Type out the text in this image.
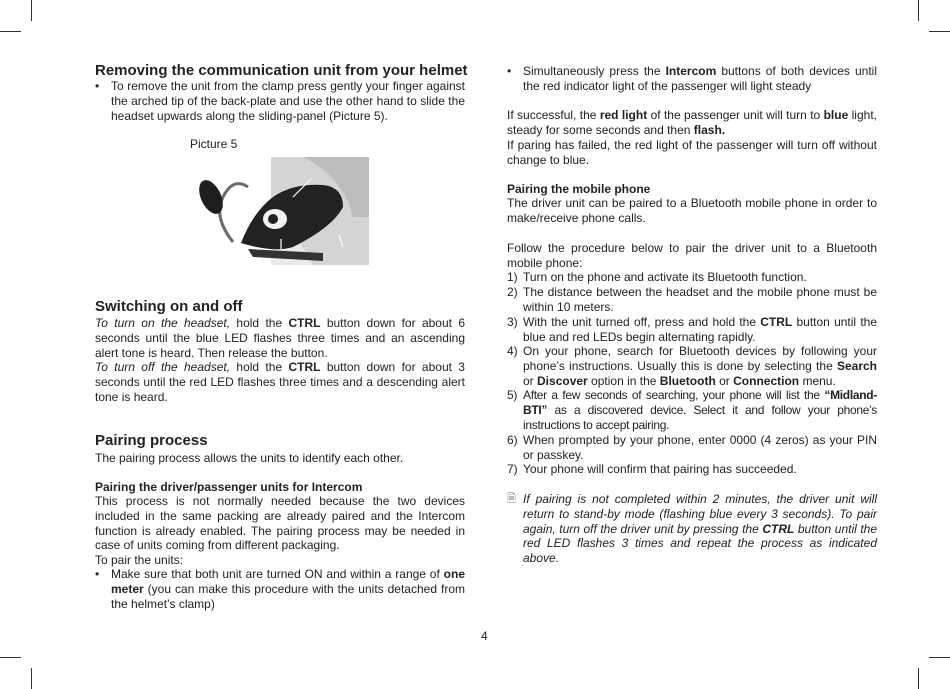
Removing the communication unit from your helmet
• To remove the unit from the clamp press gently your finger against the arched tip of the back-plate and use the other hand to slide the headset upwards along the sliding-panel (Picture 5).
Picture 5
Switching on and off

To turn on the headset, hold the CTRL button down for about 6 seconds until the blue LED flashes three times and an ascending alert tone is heard. Then release the button.

To turn off the headset, hold the CTRL button down for about 3 seconds until the red LED flashes three times and a descending alert tone is heard.

Pairing process

The pairing process allows the units to identify each other.

Pairing the driver/passenger units for Intercom

This process is not normally needed because the two devices included in the same packing are already paired and the Intercom function is already enabled. The pairing process may be needed in case of units coming from different packaging.

To pair the units:

• Make sure that both unit are turned ON and within a range of one meter (you can make this procedure with the units detached from the helmet’s clamp)
• Simultaneously press the Intercom buttons of both devices until the red indicator light of the passenger will light steady

If successful, the red light of the passenger unit will turn to blue light, steady for some seconds and then flash.

If paring has failed, the red light of the passenger will turn off without change to blue.

Pairing the mobile phone

The driver unit can be paired to a Bluetooth mobile phone in order to make/receive phone calls.

Follow the procedure below to pair the driver unit to a Bluetooth mobile phone:

1) Turn on the phone and activate its Bluetooth function.
2) The distance between the headset and the mobile phone must be within 10 meters.
3) With the unit turned off, press and hold the CTRL button until the blue and red LEDs begin alternating rapidly.
4) On your phone, search for Bluetooth devices by following your phone’s instructions. Usually this is done by selecting the Search or Discover option in the Bluetooth or Connection menu.
5) After a few seconds of searching, your phone will list the “Midland-BTI” as a discovered device. Select it and follow your phone’s instructions to accept pairing.
6) When prompted by your phone, enter 0000 (4 zeros) as your PIN or passkey.
7) Your phone will confirm that pairing has succeeded.
🗎 If pairing is not completed within 2 minutes, the driver unit will return to stand-by mode (flashing blue every 3 seconds). To pair again, turn off the driver unit by pressing the CTRL button until the red LED flashes 3 times and repeat the process as indicated above.
4
